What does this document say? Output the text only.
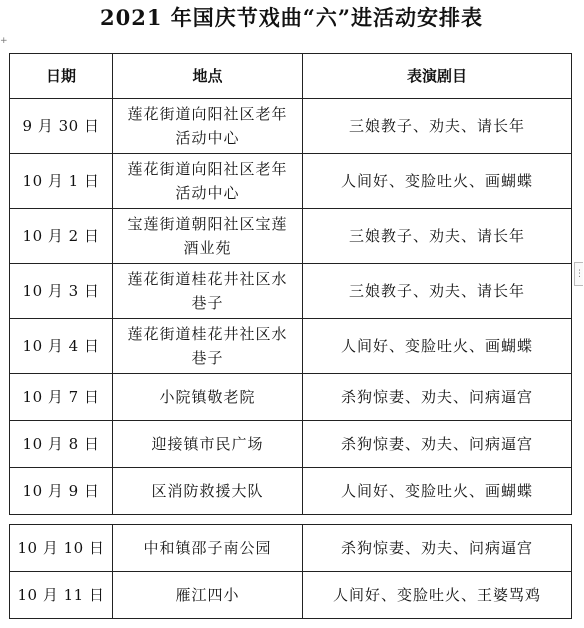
2021 年国庆节戏曲“六”进活动安排表
+
⋮
日期	地点	表演剧目
9 月 30 日	莲花街道向阳社区老年活动中心	三娘教子、劝夫、请长年
10 月 1 日	莲花街道向阳社区老年活动中心	人间好、变脸吐火、画蝴蝶
10 月 2 日	宝莲街道朝阳社区宝莲酒业苑	三娘教子、劝夫、请长年
10 月 3 日	莲花街道桂花井社区水巷子	三娘教子、劝夫、请长年
10 月 4 日	莲花街道桂花井社区水巷子	人间好、变脸吐火、画蝴蝶
10 月 7 日	小院镇敬老院	杀狗惊妻、劝夫、问病逼宫
10 月 8 日	迎接镇市民广场	杀狗惊妻、劝夫、问病逼宫
10 月 9 日	区消防救援大队	人间好、变脸吐火、画蝴蝶
10 月 10 日	中和镇邵子南公园	杀狗惊妻、劝夫、问病逼宫
10 月 11 日	雁江四小	人间好、变脸吐火、王婆骂鸡
